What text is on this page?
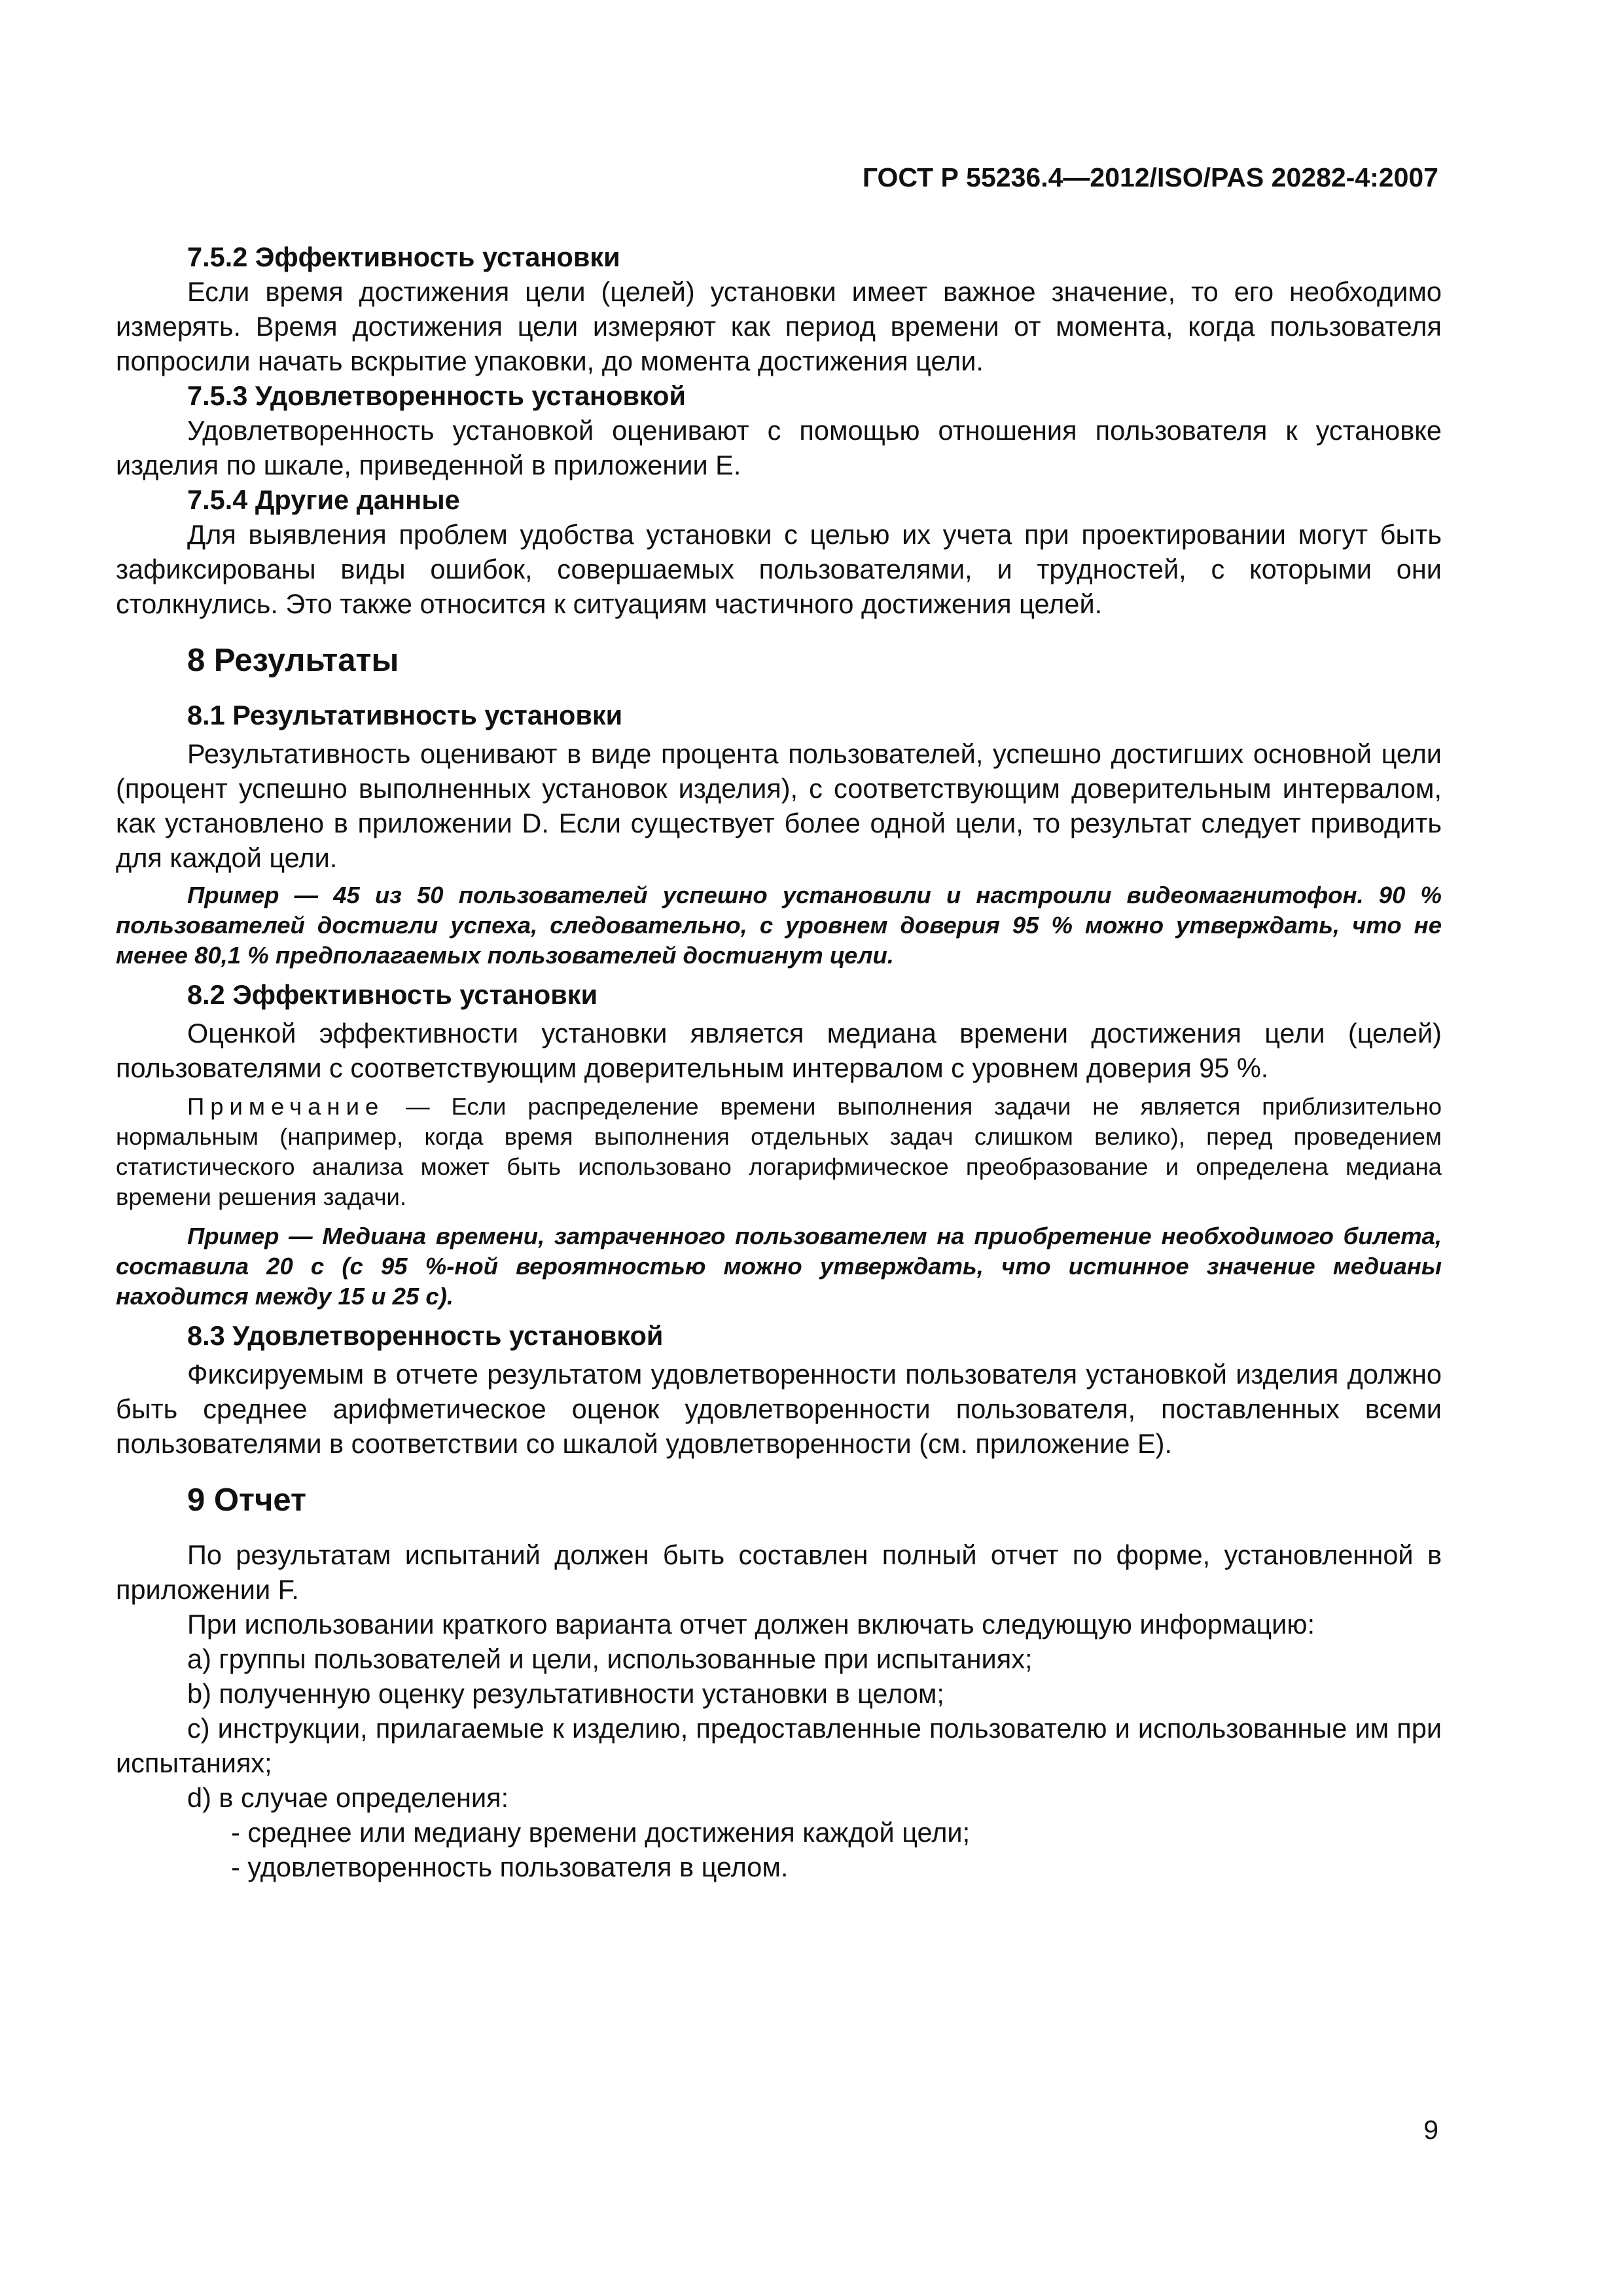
ГОСТ Р 55236.4—2012/ISO/PAS 20282-4:2007

7.5.2 Эффективность установки

Если время достижения цели (целей) установки имеет важное значение, то его необходимо измерять. Время достижения цели измеряют как период времени от момента, когда пользователя попросили начать вскрытие упаковки, до момента достижения цели.

7.5.3 Удовлетворенность установкой

Удовлетворенность установкой оценивают с помощью отношения пользователя к установке изделия по шкале, приведенной в приложении Е.

7.5.4 Другие данные

Для выявления проблем удобства установки с целью их учета при проектировании могут быть зафиксированы виды ошибок, совершаемых пользователями, и трудностей, с которыми они столкнулись. Это также относится к ситуациям частичного достижения целей.

8 Результаты
8.1 Результативность установки

Результативность оценивают в виде процента пользователей, успешно достигших основной цели (процент успешно выполненных установок изделия), с соответствующим доверительным интервалом, как установлено в приложении D. Если существует более одной цели, то результат следует приводить для каждой цели.

Пример — 45 из 50 пользователей успешно установили и настроили видеомагнитофон. 90 % пользователей достигли успеха, следовательно, с уровнем доверия 95 % можно утверждать, что не менее 80,1 % предполагаемых пользователей достигнут цели.

8.2 Эффективность установки

Оценкой эффективности установки является медиана времени достижения цели (целей) пользователями с соответствующим доверительным интервалом с уровнем доверия 95 %.

Примечание — Если распределение времени выполнения задачи не является приблизительно нормальным (например, когда время выполнения отдельных задач слишком велико), перед проведением статистического анализа может быть использовано логарифмическое преобразование и определена медиана времени решения задачи.

Пример — Медиана времени, затраченного пользователем на приобретение необходимого билета, составила 20 с (с 95 %-ной вероятностью можно утверждать, что истинное значение медианы находится между 15 и 25 с).

8.3 Удовлетворенность установкой

Фиксируемым в отчете результатом удовлетворенности пользователя установкой изделия должно быть среднее арифметическое оценок удовлетворенности пользователя, поставленных всеми пользователями в соответствии со шкалой удовлетворенности (см. приложение Е).

9 Отчет

По результатам испытаний должен быть составлен полный отчет по форме, установленной в приложении F.

При использовании краткого варианта отчет должен включать следующую информацию:

a) группы пользователей и цели, использованные при испытаниях;

b) полученную оценку результативности установки в целом;

c) инструкции, прилагаемые к изделию, предоставленные пользователю и использованные им при испытаниях;

d) в случае определения:

- среднее или медиану времени достижения каждой цели;

- удовлетворенность пользователя в целом.

9
